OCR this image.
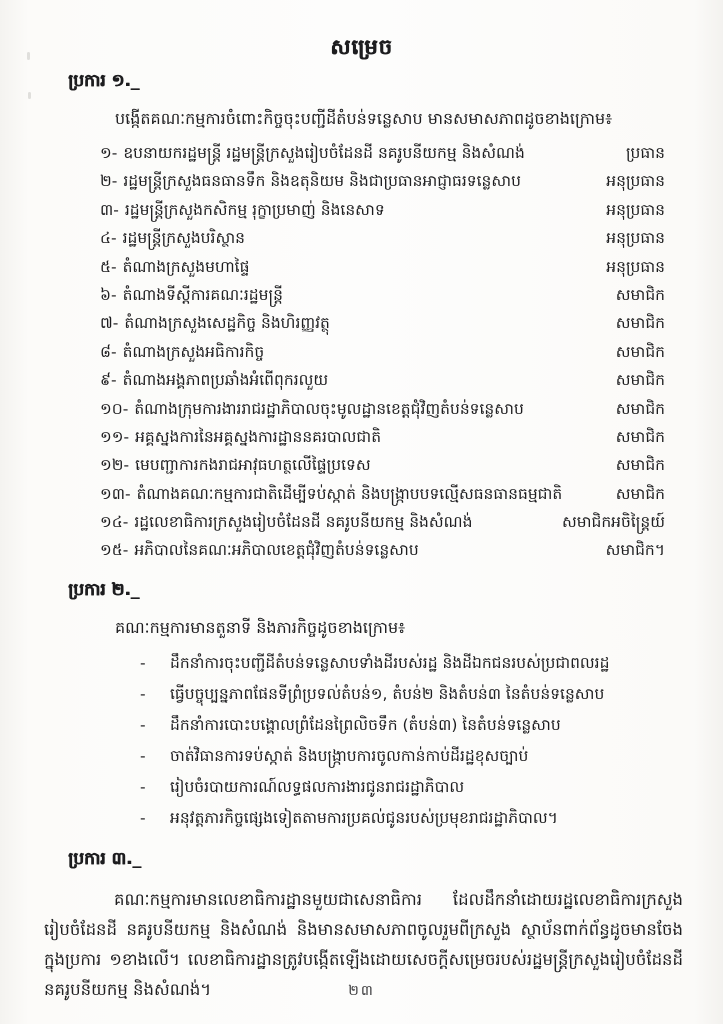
សម្រេច
ប្រការ ១._
បង្កើតគណៈកម្មការចំពោះកិច្ចចុះបញ្ជីដីតំបន់ទន្លេសាប មានសមាសភាពដូចខាងក្រោម៖
១- ឧបនាយករដ្ឋមន្ត្រី រដ្ឋមន្ត្រីក្រសួងរៀបចំដែនដី នគរូបនីយកម្ម និងសំណង់	ប្រធាន
២- រដ្ឋមន្ត្រីក្រសួងធនធានទឹក និងឧតុនិយម និងជាប្រធានអាជ្ញាធរទន្លេសាប	អនុប្រធាន
៣- រដ្ឋមន្ត្រីក្រសួងកសិកម្ម រុក្ខាប្រមាញ់ និងនេសាទ	អនុប្រធាន
៤- រដ្ឋមន្ត្រីក្រសួងបរិស្ថាន	អនុប្រធាន
៥- តំណាងក្រសួងមហាផ្ទៃ	អនុប្រធាន
៦- តំណាងទីស្តីការគណៈរដ្ឋមន្ត្រី	សមាជិក
៧- តំណាងក្រសួងសេដ្ឋកិច្ច និងហិរញ្ញវត្ថុ	សមាជិក
៨- តំណាងក្រសួងអធិការកិច្ច	សមាជិក
៩- តំណាងអង្គភាពប្រឆាំងអំពើពុករលួយ	សមាជិក
១០- តំណាងក្រុមការងាររាជរដ្ឋាភិបាលចុះមូលដ្ឋានខេត្តជុំវិញតំបន់ទន្លេសាប	សមាជិក
១១- អគ្គស្នងការនៃអគ្គស្នងការដ្ឋាននគរបាលជាតិ	សមាជិក
១២- មេបញ្ជាការកងរាជអាវុធហត្ថលើផ្ទៃប្រទេស	សមាជិក
១៣- តំណាងគណៈកម្មការជាតិដើម្បីទប់ស្កាត់ និងបង្ក្រាបបទល្មើសធនធានធម្មជាតិ	សមាជិក
១៤- រដ្ឋលេខាធិការក្រសួងរៀបចំដែនដី នគរូបនីយកម្ម និងសំណង់	សមាជិកអចិន្ត្រៃយ៍
១៥- អភិបាលនៃគណៈអភិបាលខេត្តជុំវិញតំបន់ទន្លេសាប	សមាជិក។
ប្រការ ២._
គណៈកម្មការមានតួនាទី និងភារកិច្ចដូចខាងក្រោម៖
-	ដឹកនាំការចុះបញ្ជីដីតំបន់ទន្លេសាបទាំងដីរបស់រដ្ឋ និងដីឯកជនរបស់ប្រជាពលរដ្ឋ
-	ធ្វើបច្ចុប្បន្នភាពផែនទីព្រំប្រទល់តំបន់១, តំបន់២ និងតំបន់៣ នៃតំបន់ទន្លេសាប
-	ដឹកនាំការបោះបង្គោលព្រំដែនព្រៃលិចទឹក (តំបន់៣) នៃតំបន់ទន្លេសាប
-	ចាត់វិធានការទប់ស្កាត់ និងបង្ក្រាបការចូលកាន់កាប់ដីរដ្ឋខុសច្បាប់
-	រៀបចំរបាយការណ៍លទ្ធផលការងារជូនរាជរដ្ឋាភិបាល
-	អនុវត្តភារកិច្ចផ្សេងទៀតតាមការប្រគល់ជូនរបស់ប្រមុខរាជរដ្ឋាភិបាល។
ប្រការ ៣._
គណៈកម្មការមានលេខាធិការដ្ឋានមួយជាសេនាធិការ ដែលដឹកនាំដោយរដ្ឋលេខាធិការក្រសួងរៀបចំដែនដី នគរូបនីយកម្ម និងសំណង់ និងមានសមាសភាពចូលរួមពីក្រសួង ស្ថាប័នពាក់ព័ន្ធដូចមានចែងក្នុងប្រការ ១ខាងលើ។ លេខាធិការដ្ឋានត្រូវបង្កើតឡើងដោយសេចក្ដីសម្រេចរបស់រដ្ឋមន្ត្រីក្រសួងរៀបចំដែនដី នគរូបនីយកម្ម និងសំណង់។	២៣
